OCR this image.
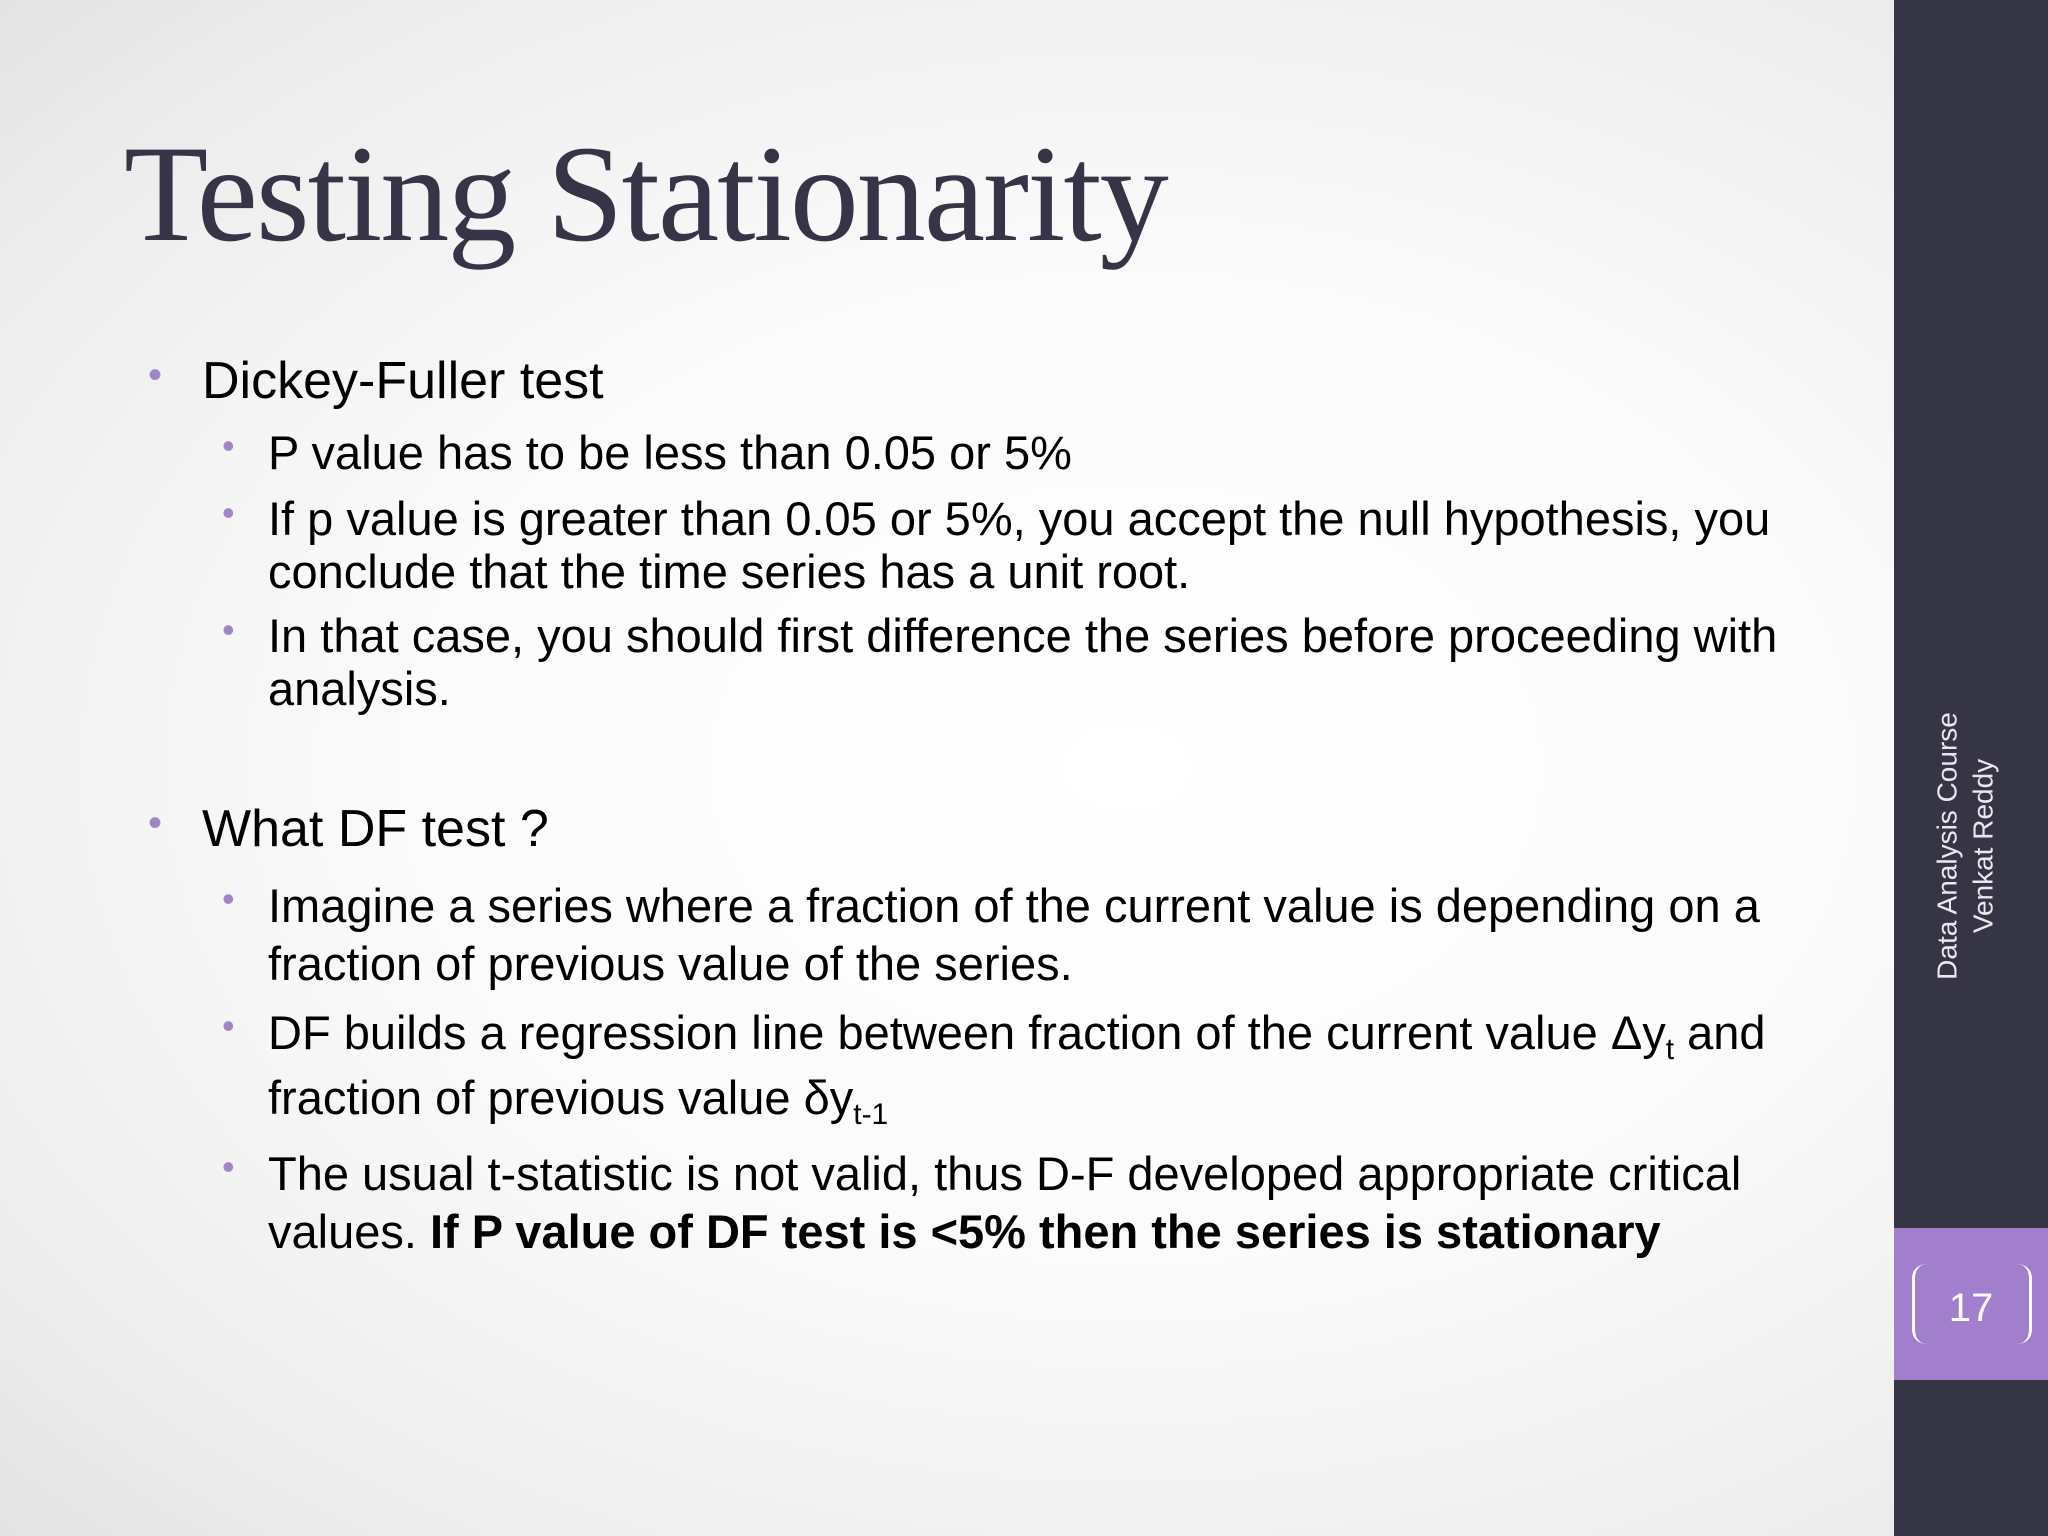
Testing Stationarity
• Dickey-Fuller test
• P value has to be less than 0.05 or 5%
• If p value is greater than 0.05 or 5%, you accept the null hypothesis, you conclude that the time series has a unit root.
• In that case, you should first difference the series before proceeding with analysis.
• What DF test ?
• Imagine a series where a fraction of the current value is depending on a fraction of previous value of the series.
• DF builds a regression line between fraction of the current value $\Delta y_t$ and fraction of previous value $\delta y_{t-1}$
• The usual t-statistic is not valid, thus D-F developed appropriate critical values. If P value of DF test is <5% then the series is stationary
Data Analysis Course Venkat Reddy
17
